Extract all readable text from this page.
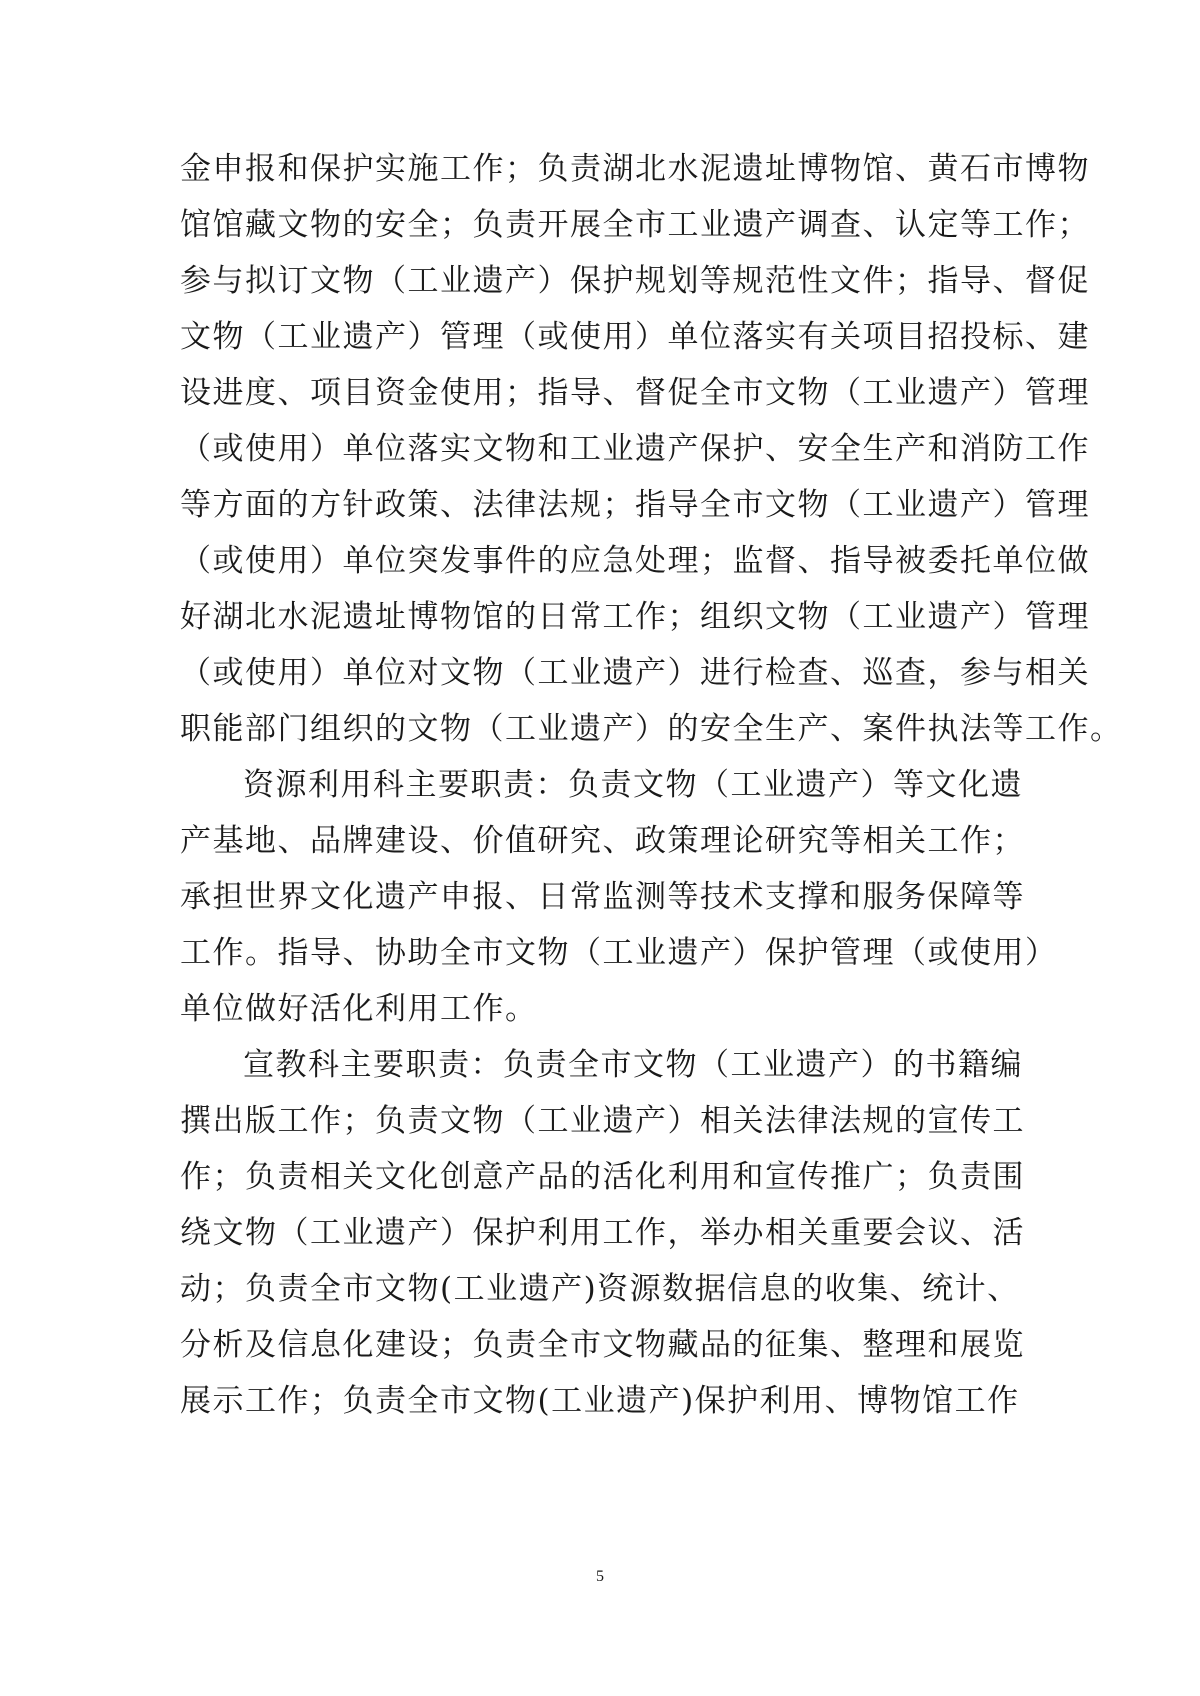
金申报和保护实施工作；负责湖北水泥遗址博物馆、黄石市博物
馆馆藏文物的安全；负责开展全市工业遗产调查、认定等工作；
参与拟订文物（工业遗产）保护规划等规范性文件；指导、督促
文物（工业遗产）管理（或使用）单位落实有关项目招投标、建
设进度、项目资金使用；指导、督促全市文物（工业遗产）管理
（或使用）单位落实文物和工业遗产保护、安全生产和消防工作
等方面的方针政策、法律法规；指导全市文物（工业遗产）管理
（或使用）单位突发事件的应急处理；监督、指导被委托单位做
好湖北水泥遗址博物馆的日常工作；组织文物（工业遗产）管理
（或使用）单位对文物（工业遗产）进行检查、巡查，参与相关
职能部门组织的文物（工业遗产）的安全生产、案件执法等工作。
资源利用科主要职责：负责文物（工业遗产）等文化遗
产基地、品牌建设、价值研究、政策理论研究等相关工作；
承担世界文化遗产申报、日常监测等技术支撑和服务保障等
工作。指导、协助全市文物（工业遗产）保护管理（或使用）
单位做好活化利用工作。
宣教科主要职责：负责全市文物（工业遗产）的书籍编
撰出版工作；负责文物（工业遗产）相关法律法规的宣传工
作；负责相关文化创意产品的活化利用和宣传推广；负责围
绕文物（工业遗产）保护利用工作，举办相关重要会议、活
动；负责全市文物(工业遗产)资源数据信息的收集、统计、
分析及信息化建设；负责全市文物藏品的征集、整理和展览
展示工作；负责全市文物(工业遗产)保护利用、博物馆工作
5
